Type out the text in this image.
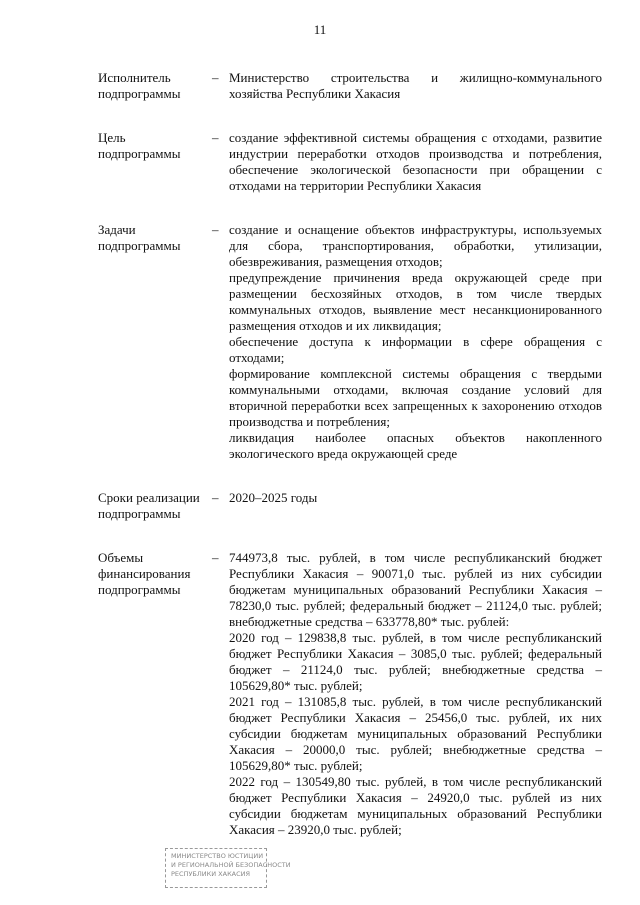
11
Исполнитель
подпрограммы
– Министерство строительства и жилищно-коммунального хозяйства Республики Хакасия

Цель
подпрограммы
– создание эффективной системы обращения с отходами, развитие индустрии переработки отходов производства и потребления, обеспечение экологической безопасности при обращении с отходами на территории Республики Хакасия

Задачи
подпрограммы
– создание и оснащение объектов инфраструктуры, используемых для сбора, транспортирования, обработки, утилизации, обезвреживания, размещения отходов;

предупреждение причинения вреда окружающей среде при размещении бесхозяйных отходов, в том числе твердых коммунальных отходов, выявление мест несанкционированного размещения отходов и их ликвидация;

обеспечение доступа к информации в сфере обращения с отходами;

формирование комплексной системы обращения с твердыми коммунальными отходами, включая создание условий для вторичной переработки всех запрещенных к захоронению отходов производства и потребления;

ликвидация наиболее опасных объектов накопленного экологического вреда окружающей среде

Сроки реализации
подпрограммы
– 2020–2025 годы

Объемы
финансирования
подпрограммы
– 744973,8 тыс. рублей, в том числе республиканский бюджет Республики Хакасия – 90071,0 тыс. рублей из них субсидии бюджетам муниципальных образований Республики Хакасия – 78230,0 тыс. рублей; федеральный бюджет – 21124,0 тыс. рублей; внебюджетные средства – 633778,80* тыс. рублей:

2020 год – 129838,8 тыс. рублей, в том числе республиканский бюджет Республики Хакасия – 3085,0 тыс. рублей; федеральный бюджет – 21124,0 тыс. рублей; внебюджетные средства – 105629,80* тыс. рублей;

2021 год – 131085,8 тыс. рублей, в том числе республиканский бюджет Республики Хакасия – 25456,0 тыс. рублей, их них субсидии бюджетам муниципальных образований Республики Хакасия – 20000,0 тыс. рублей; внебюджетные средства – 105629,80* тыс. рублей;

2022 год – 130549,80 тыс. рублей, в том числе республиканский бюджет Республики Хакасия – 24920,0 тыс. рублей из них субсидии бюджетам муниципальных образований Республики Хакасия – 23920,0 тыс. рублей;

МИНИСТЕРСТВО ЮСТИЦИИ
И РЕГИОНАЛЬНОЙ БЕЗОПАСНОСТИ
РЕСПУБЛИКИ ХАКАСИЯ
